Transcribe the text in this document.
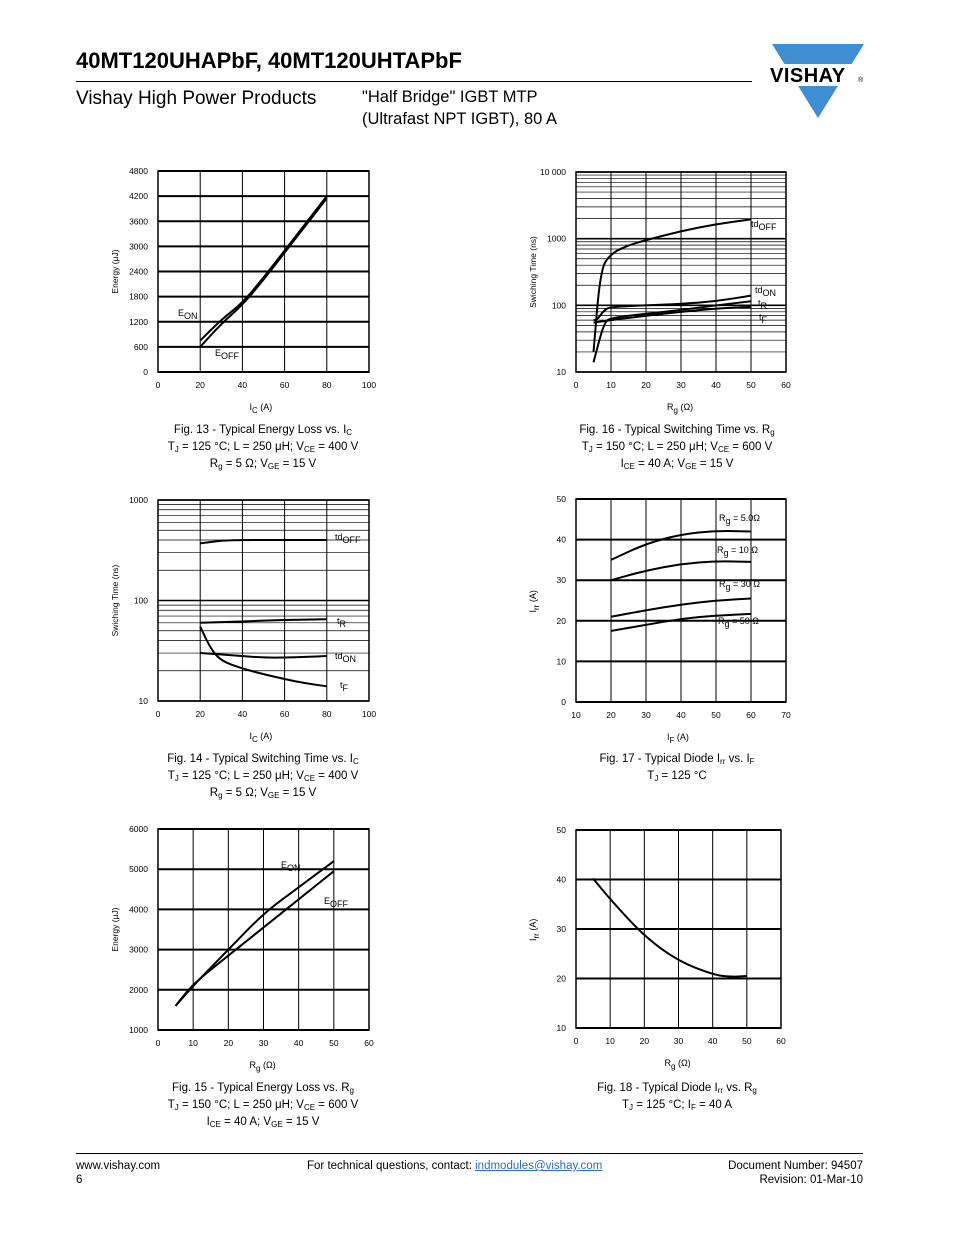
40MT120UHAPbF, 40MT120UHTAPbF
Vishay High Power Products	"Half Bridge" IGBT MTP
(Ultrafast NPT IGBT), 80 A
VISHAY ®
0	20	40	60	80	100
0
600
1200
1800
2400
3000
3600
4200
4800
IC (A)
Energy (μJ)
EON
EOFF
0	20	40	60	80	100
10
100
1000
IC (A)
Swiching Time (ns)
tdOFF
tR
tdON
tF
0	10	20	30	40	50	60
1000
2000
3000
4000
5000
6000
Rg (Ω)
Energy (μJ)
EON
EOFF
0	10	20	30	40	50	60
10
100
1000
10 000
Rg (Ω)
Swiching Time (ns)
tdOFF
tdON
tR
tF
10	20	30	40	50	60	70
0
10
20
30
40
50
IF (A)
Irr (A)
Rg = 5.0Ω
Rg = 10 Ω
Rg = 30 Ω
Rg = 50 Ω
0	10	20	30	40	50	60
10
20
30
40
50
Rg (Ω)
Irr (A)
Fig. 13 - Typical Energy Loss vs. $I_C$
$T_J = 125$ °C; L = 250 μH; $V_{CE} = 400$ V
$R_g = 5$ Ω; $V_{GE} = 15$ V
Fig. 14 - Typical Switching Time vs. $I_C$
$T_J = 125$ °C; L = 250 μH; $V_{CE} = 400$ V
$R_g = 5$ Ω; $V_{GE} = 15$ V
Fig. 15 - Typical Energy Loss vs. $R_g$
$T_J = 150$ °C; L = 250 μH; $V_{CE} = 600$ V
$I_{CE} = 40$ A; $V_{GE} = 15$ V
Fig. 16 - Typical Switching Time vs. $R_g$
$T_J = 150$ °C; L = 250 μH; $V_{CE} = 600$ V
$I_{CE} = 40$ A; $V_{GE} = 15$ V
Fig. 17 - Typical Diode $I_{rr}$ vs. $I_F$
$T_J = 125$ °C
Fig. 18 - Typical Diode $I_{rr}$ vs. $R_g$
$T_J = 125$ °C; $I_F = 40$ A
www.vishay.com
6
For technical questions, contact: indmodules@vishay.com	Document Number: 94507
Revision: 01-Mar-10
